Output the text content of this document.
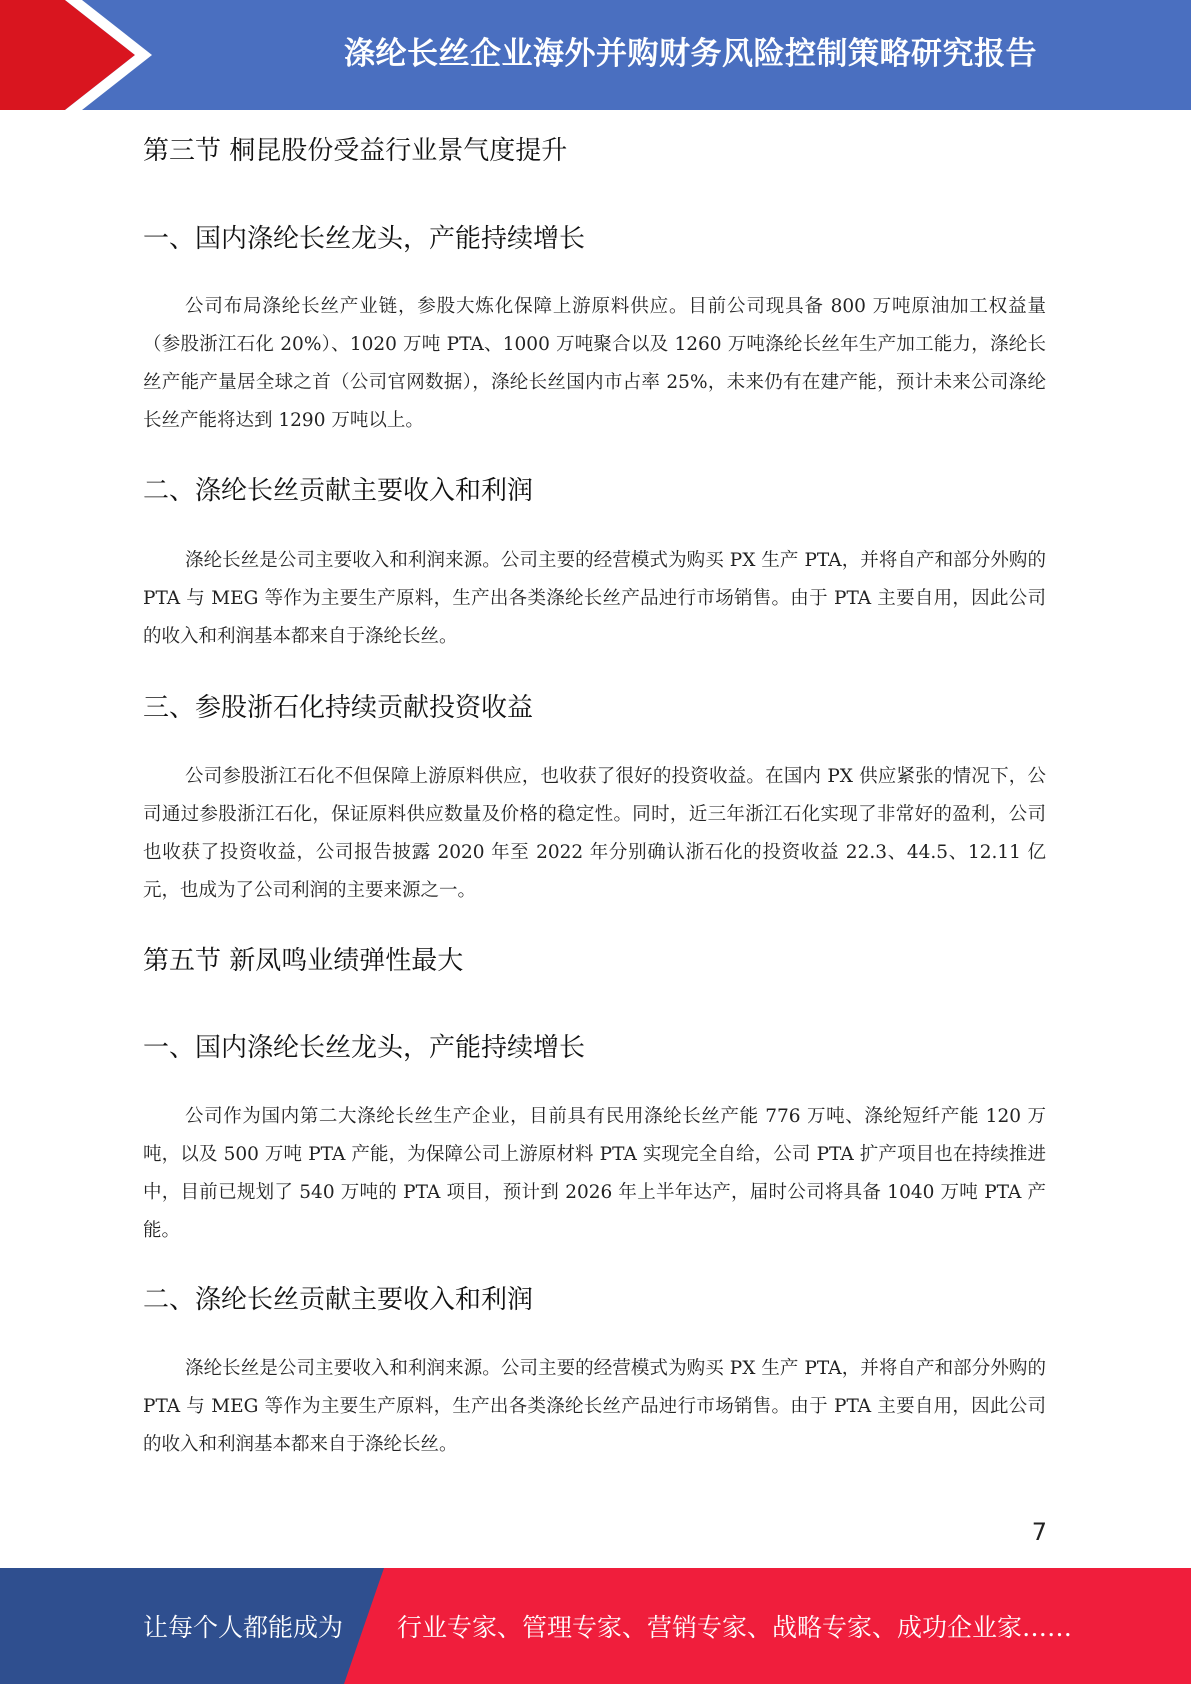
涤纶长丝企业海外并购财务风险控制策略研究报告
第三节 桐昆股份受益行业景气度提升
一、国内涤纶长丝龙头，产能持续增长
公司布局涤纶长丝产业链，参股大炼化保障上游原料供应。目前公司现具备 800 万吨原油加工权益量（参股浙江石化 20%）、1020 万吨 PTA、1000 万吨聚合以及 1260 万吨涤纶长丝年生产加工能力，涤纶长丝产能产量居全球之首（公司官网数据），涤纶长丝国内市占率 25%，未来仍有在建产能，预计未来公司涤纶长丝产能将达到 1290 万吨以上。
二、涤纶长丝贡献主要收入和利润
涤纶长丝是公司主要收入和利润来源。公司主要的经营模式为购买 PX 生产 PTA，并将自产和部分外购的 PTA 与 MEG 等作为主要生产原料，生产出各类涤纶长丝产品迚行市场销售。由于 PTA 主要自用，因此公司的收入和利润基本都来自于涤纶长丝。
三、参股浙石化持续贡献投资收益
公司参股浙江石化不但保障上游原料供应，也收获了很好的投资收益。在国内 PX 供应紧张的情况下，公司通过参股浙江石化，保证原料供应数量及价格的稳定性。同时，近三年浙江石化实现了非常好的盈利，公司也收获了投资收益，公司报告披露 2020 年至 2022 年分别确认浙石化的投资收益 22.3、44.5、12.11 亿元，也成为了公司利润的主要来源之一。
第五节 新凤鸣业绩弹性最大
一、国内涤纶长丝龙头，产能持续增长
公司作为国内第二大涤纶长丝生产企业，目前具有民用涤纶长丝产能 776 万吨、涤纶短纤产能 120 万吨，以及 500 万吨 PTA 产能，为保障公司上游原材料 PTA 实现完全自给，公司 PTA 扩产项目也在持续推进中，目前已规划了 540 万吨的 PTA 项目，预计到 2026 年上半年达产，届时公司将具备 1040 万吨 PTA 产能。
二、涤纶长丝贡献主要收入和利润
涤纶长丝是公司主要收入和利润来源。公司主要的经营模式为购买 PX 生产 PTA，并将自产和部分外购的 PTA 与 MEG 等作为主要生产原料，生产出各类涤纶长丝产品迚行市场销售。由于 PTA 主要自用，因此公司的收入和利润基本都来自于涤纶长丝。
7
让每个人都能成为 行业专家、管理专家、营销专家、战略专家、成功企业家……
